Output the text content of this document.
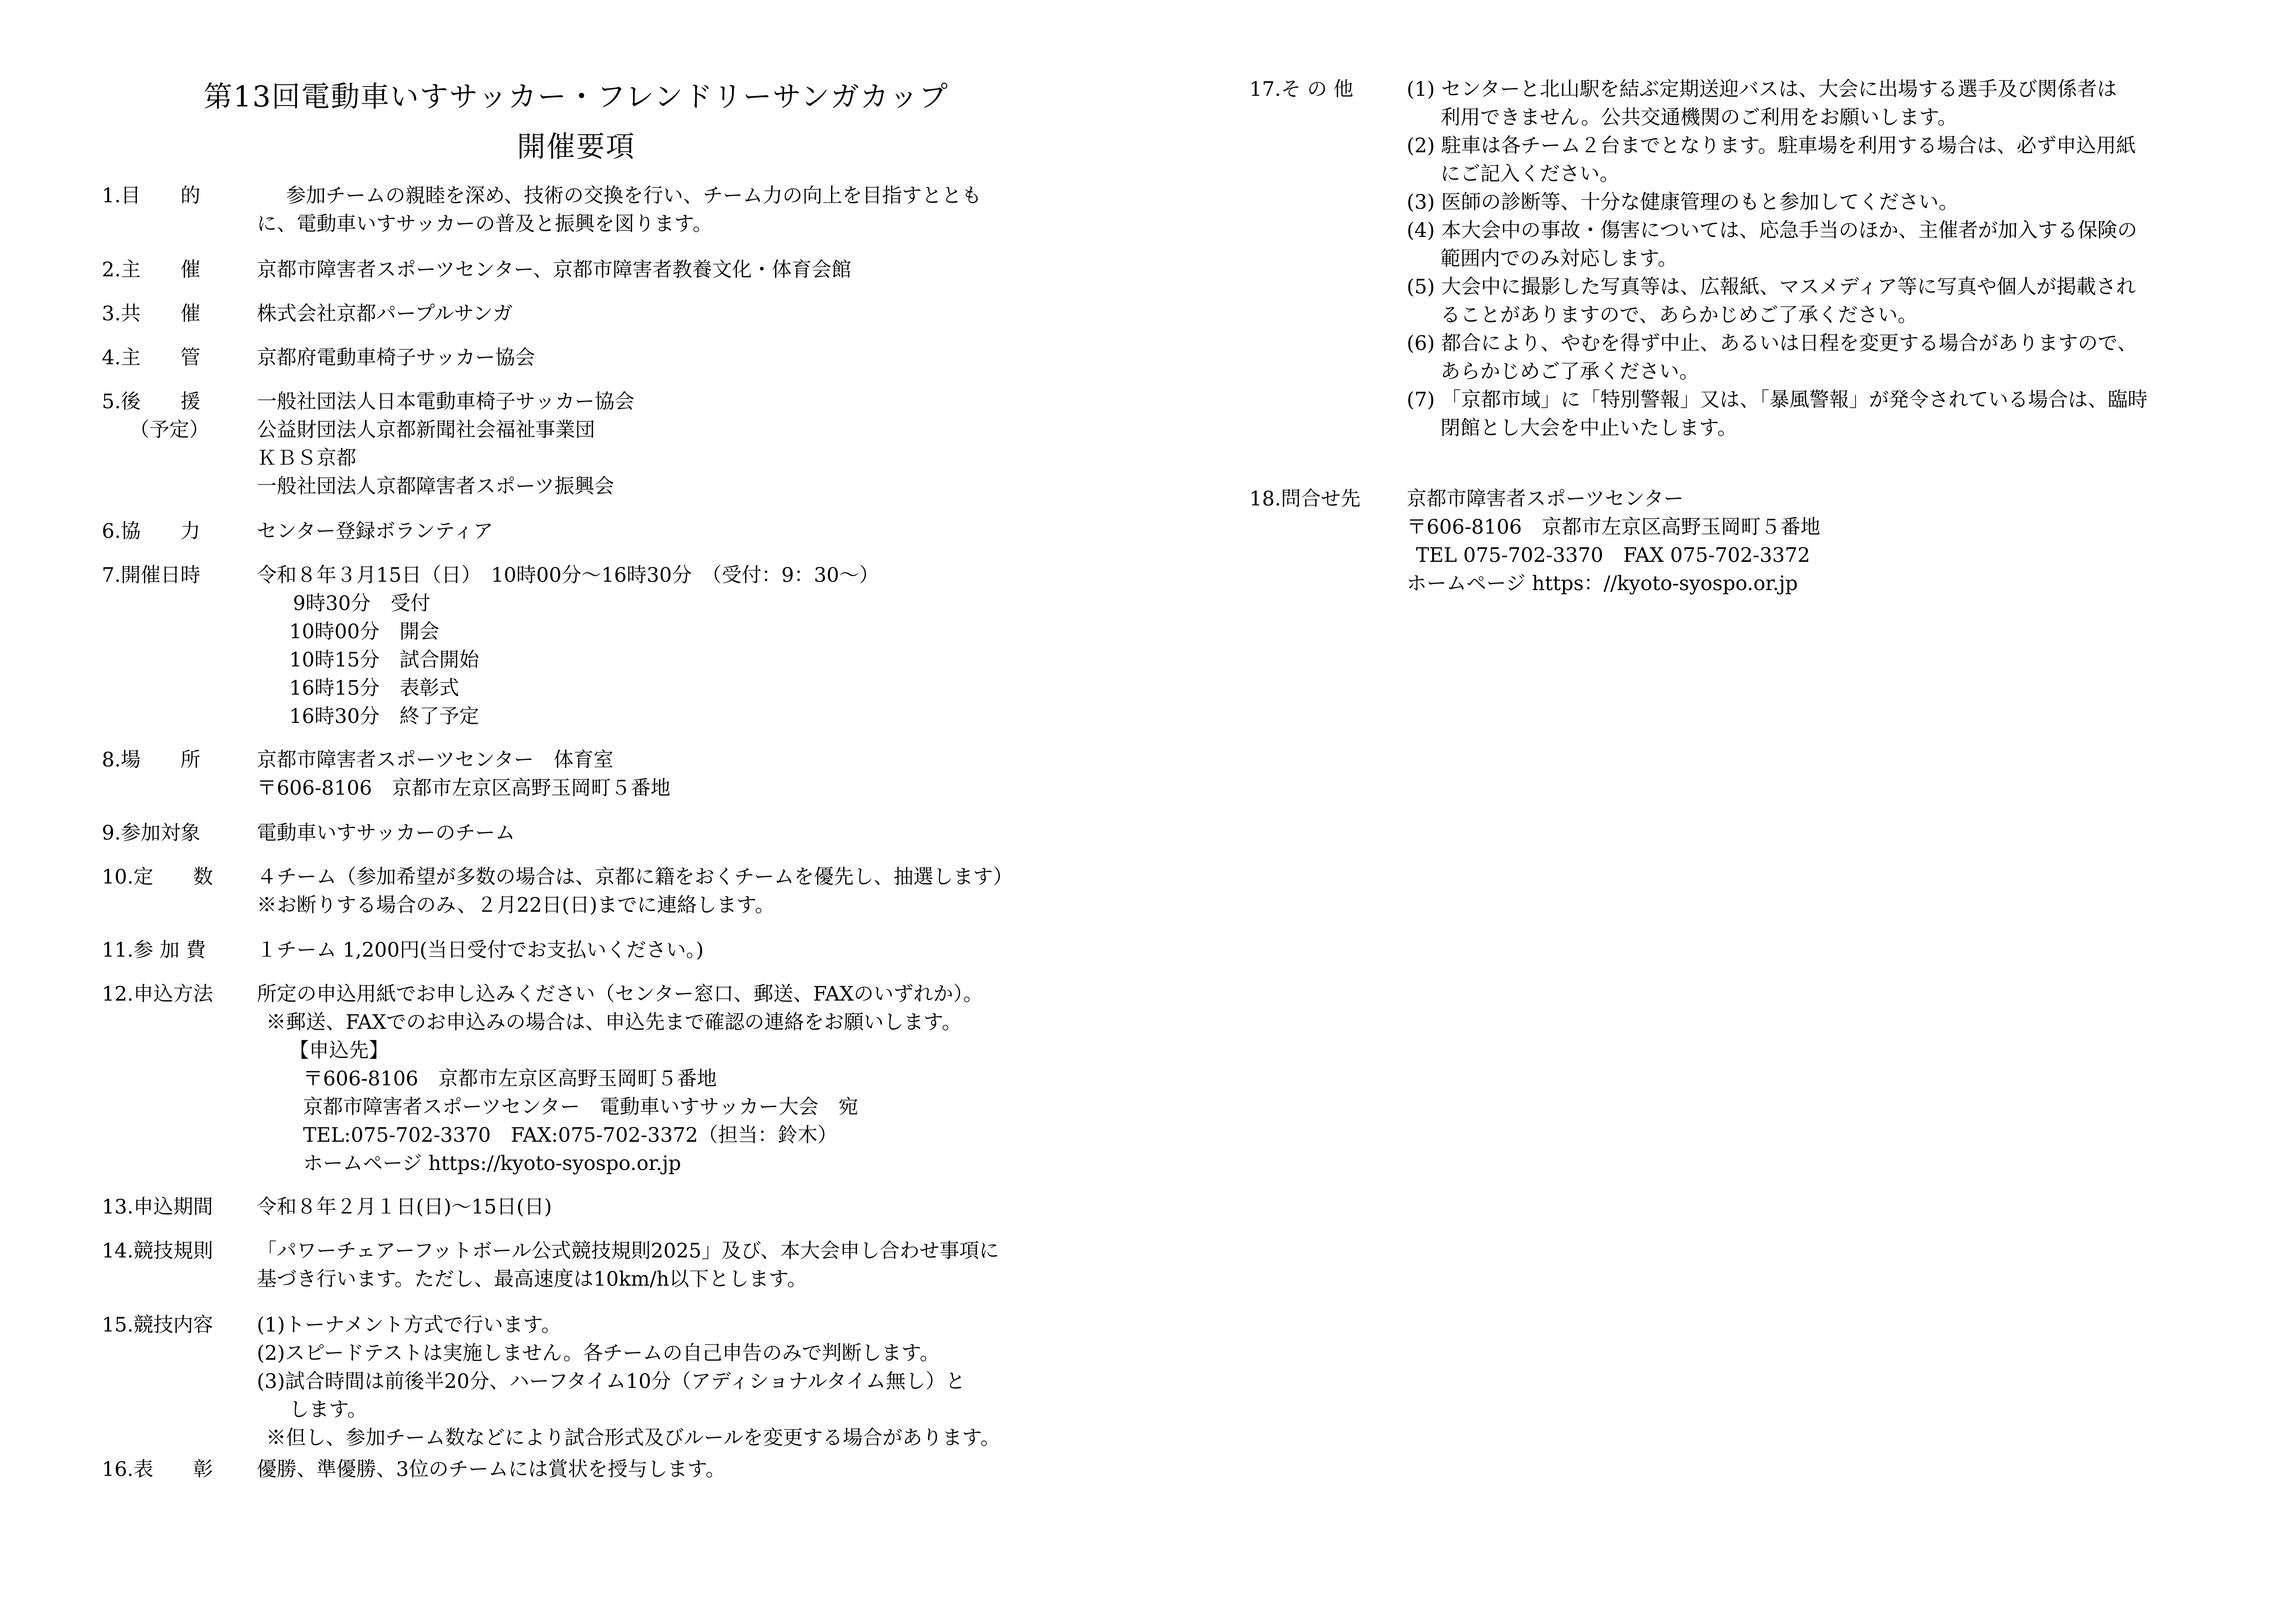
第13回電動車いすサッカー・フレンドリーサンガカップ
開催要項
1.目　　的	　参加チームの親睦を深め、技術の交換を行い、チーム力の向上を目指すととも
に、電動車いすサッカーの普及と振興を図ります。
2.主　　催	京都市障害者スポーツセンター、京都市障害者教養文化・体育会館
3.共　　催	株式会社京都パープルサンガ
4.主　　管	京都府電動車椅子サッカー協会
5.後　　援
（予定）
一般社団法人日本電動車椅子サッカー協会
公益財団法人京都新聞社会福祉事業団
ＫＢＳ京都
一般社団法人京都障害者スポーツ振興会
6.協　　力	センター登録ボランティア
7.開催日時	令和８年３月15日（日）　10時00分～16時30分　（受付：9：30～）
9時30分　受付
10時00分　開会
10時15分　試合開始
16時15分　表彰式
16時30分　終了予定
8.場　　所	京都市障害者スポーツセンター　体育室
〒606-8106　京都市左京区高野玉岡町５番地
9.参加対象	電動車いすサッカーのチーム
10.定　　数 ４チーム（参加希望が多数の場合は、京都に籍をおくチームを優先し、抽選します）
※お断りする場合のみ、２月22日(日)までに連絡します。
11.参 加 費	１チーム 1,200円(当日受付でお支払いください。)
12.申込方法 所定の申込用紙でお申し込みください（センター窓口、郵送、FAXのいずれか）。
※郵送、FAXでのお申込みの場合は、申込先まで確認の連絡をお願いします。
【申込先】
〒606-8106　京都市左京区高野玉岡町５番地
京都市障害者スポーツセンター　電動車いすサッカー大会　宛
TEL:075-702-3370　FAX:075-702-3372（担当：鈴木）
ホームページ https://kyoto-syospo.or.jp
13.申込期間 令和８年２月１日(日)～15日(日)
14.競技規則 「パワーチェアーフットボール公式競技規則2025」及び、本大会申し合わせ事項に
基づき行います。ただし、最高速度は10km/h以下とします。
15.競技内容 (1)トーナメント方式で行います。
(2)スピードテストは実施しません。各チームの自己申告のみで判断します。
(3)試合時間は前後半20分、ハーフタイム10分（アディショナルタイム無し）と
します。
※但し、参加チーム数などにより試合形式及びルールを変更する場合があります。
16.表　　彰 優勝、準優勝、3位のチームには賞状を授与します。
17.そ の 他	(1) センターと北山駅を結ぶ定期送迎バスは、大会に出場する選手及び関係者は
利用できません。公共交通機関のご利用をお願いします。
(2) 駐車は各チーム２台までとなります。駐車場を利用する場合は、必ず申込用紙
にご記入ください。
(3) 医師の診断等、十分な健康管理のもと参加してください。
(4) 本大会中の事故・傷害については、応急手当のほか、主催者が加入する保険の
範囲内でのみ対応します。
(5) 大会中に撮影した写真等は、広報紙、マスメディア等に写真や個人が掲載され
ることがありますので、あらかじめご了承ください。
(6) 都合により、やむを得ず中止、あるいは日程を変更する場合がありますので、
あらかじめご了承ください。
(7) 「京都市域」に「特別警報」又は、「暴風警報」が発令されている場合は、臨時
閉館とし大会を中止いたします。
18.問合せ先 京都市障害者スポーツセンター
〒606-8106　京都市左京区高野玉岡町５番地
TEL 075-702-3370　FAX 075-702-3372
ホームページ https：//kyoto-syospo.or.jp
